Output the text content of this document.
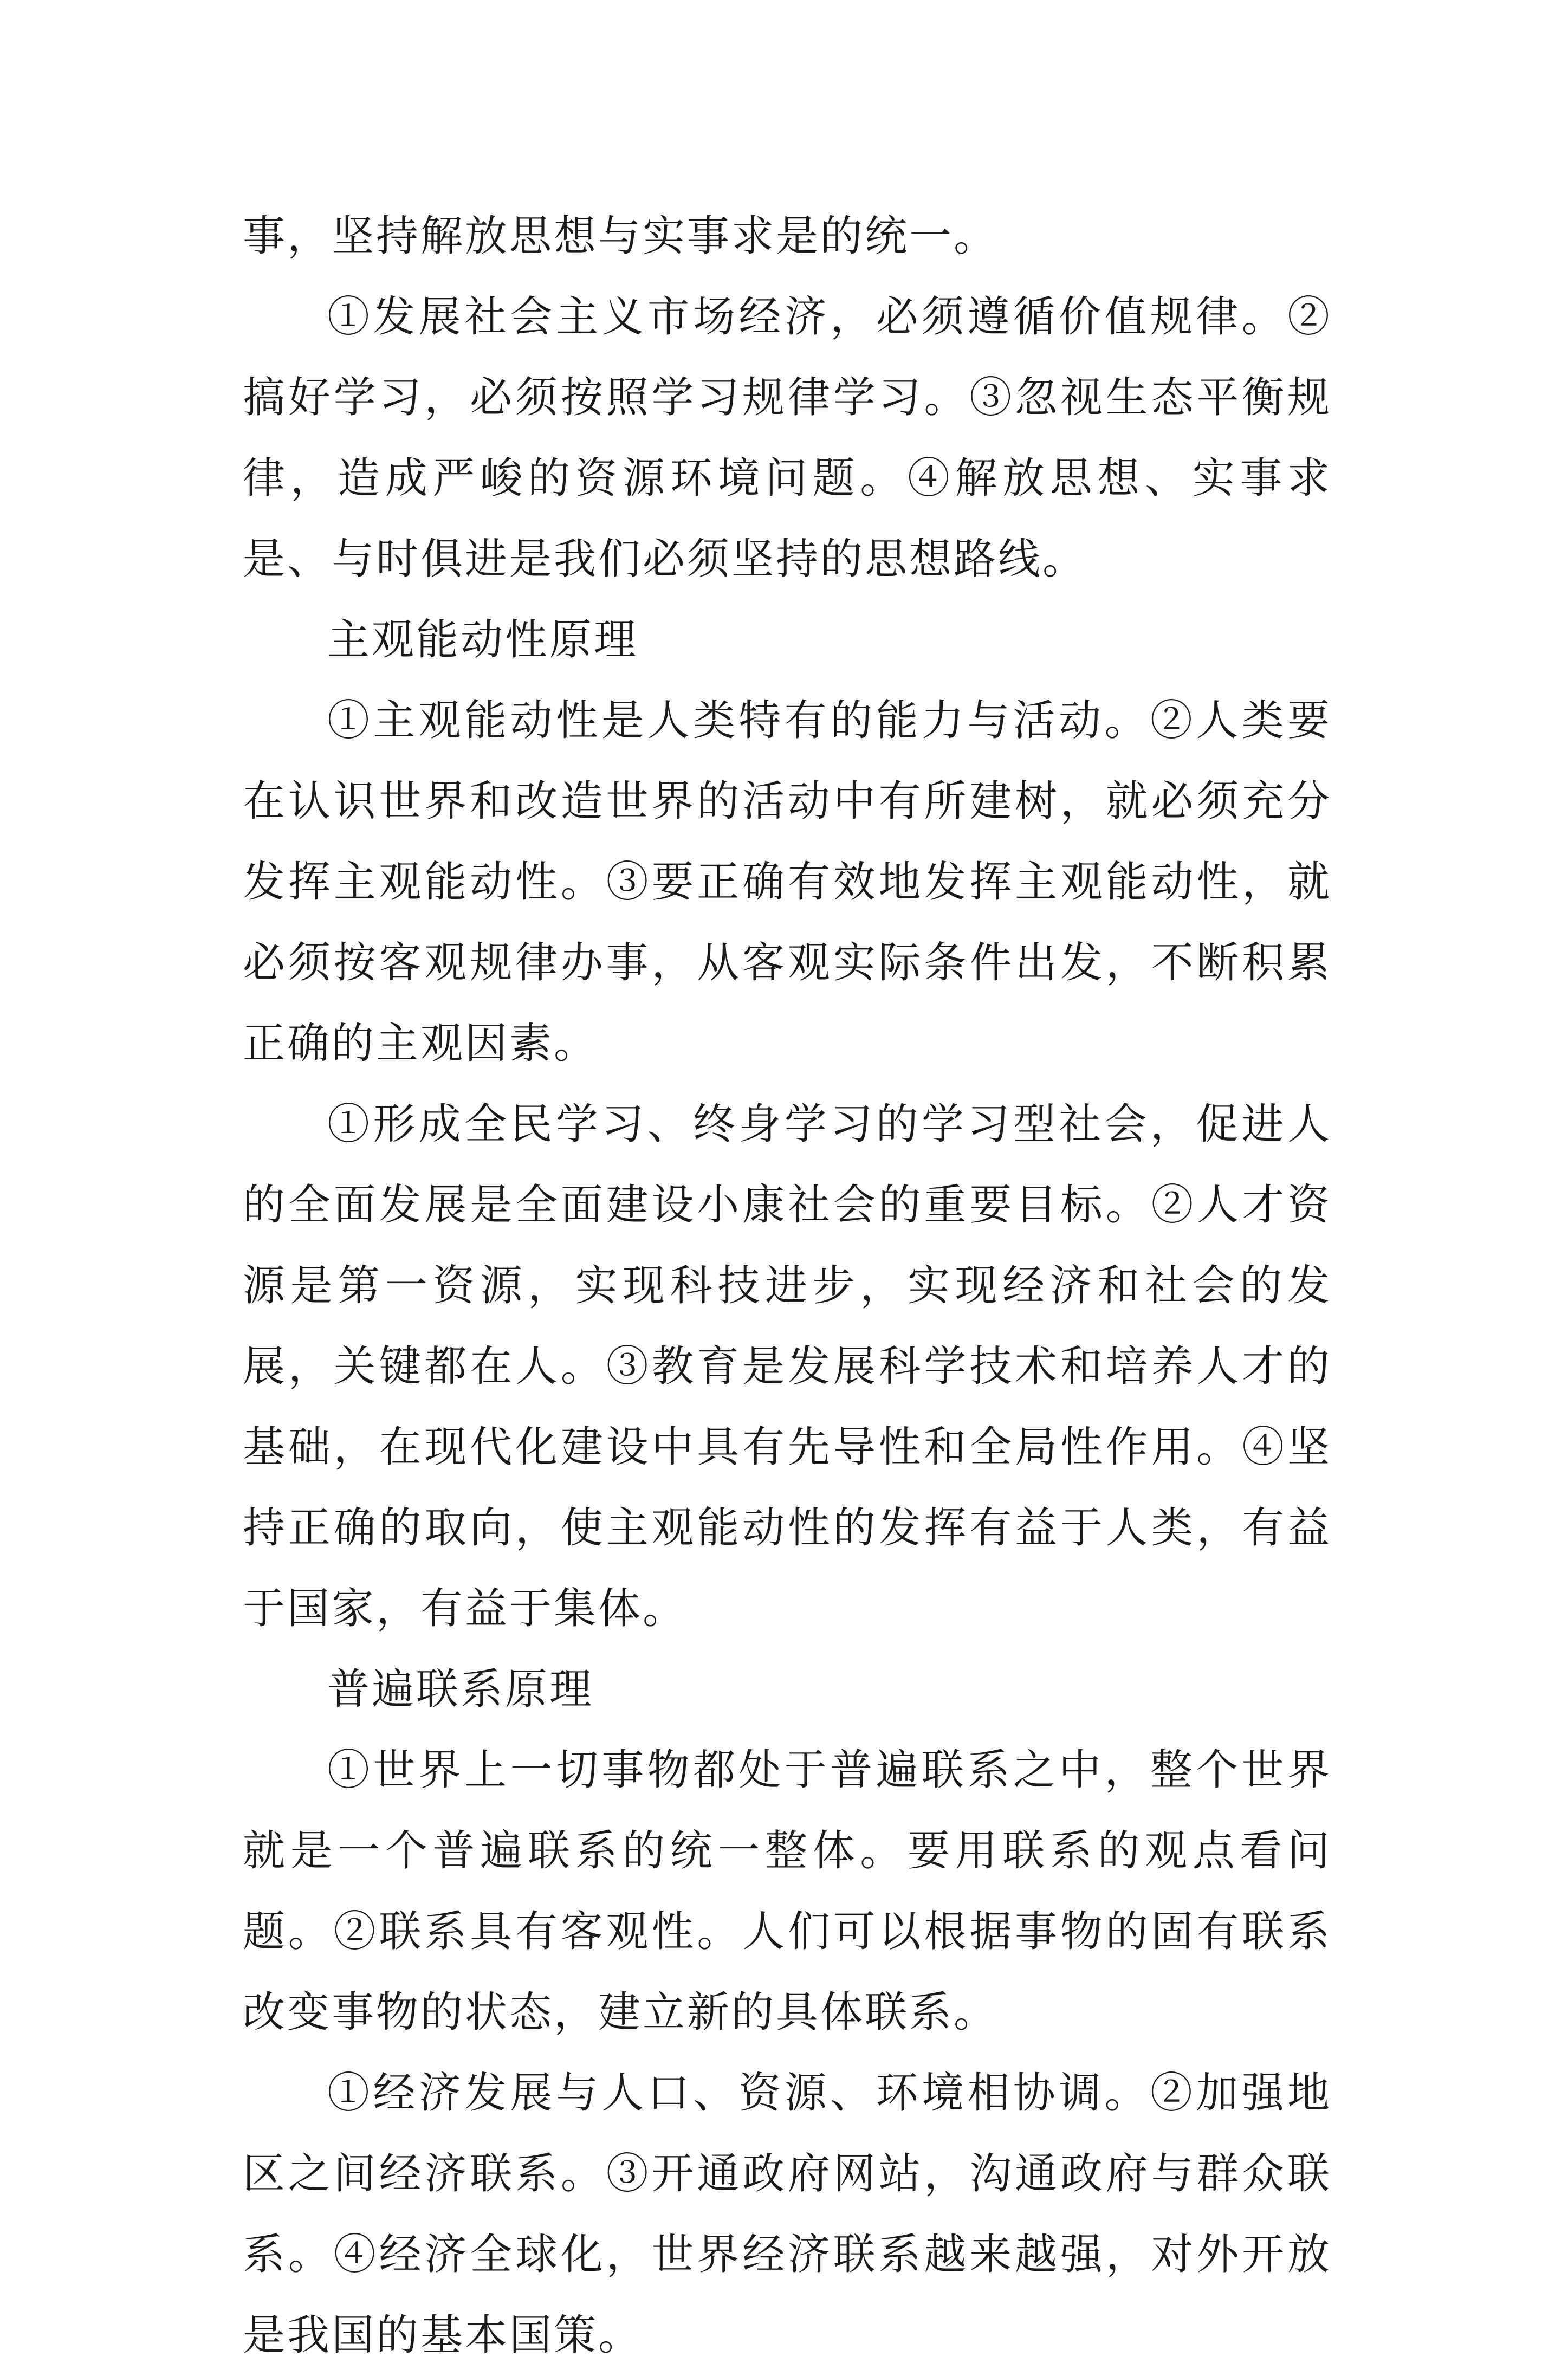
事，坚持解放思想与实事求是的统一。

①发展社会主义市场经济，必须遵循价值规律。②搞好学习，必须按照学习规律学习。③忽视生态平衡规律，造成严峻的资源环境问题。④解放思想、实事求是、与时俱进是我们必须坚持的思想路线。

主观能动性原理

①主观能动性是人类特有的能力与活动。②人类要在认识世界和改造世界的活动中有所建树，就必须充分发挥主观能动性。③要正确有效地发挥主观能动性，就必须按客观规律办事，从客观实际条件出发，不断积累正确的主观因素。

①形成全民学习、终身学习的学习型社会，促进人的全面发展是全面建设小康社会的重要目标。②人才资源是第一资源，实现科技进步，实现经济和社会的发展，关键都在人。③教育是发展科学技术和培养人才的基础，在现代化建设中具有先导性和全局性作用。④坚持正确的取向，使主观能动性的发挥有益于人类，有益于国家，有益于集体。

普遍联系原理

①世界上一切事物都处于普遍联系之中，整个世界就是一个普遍联系的统一整体。要用联系的观点看问题。②联系具有客观性。人们可以根据事物的固有联系改变事物的状态，建立新的具体联系。

①经济发展与人口、资源、环境相协调。②加强地区之间经济联系。③开通政府网站，沟通政府与群众联系。④经济全球化，世界经济联系越来越强，对外开放是我国的基本国策。
